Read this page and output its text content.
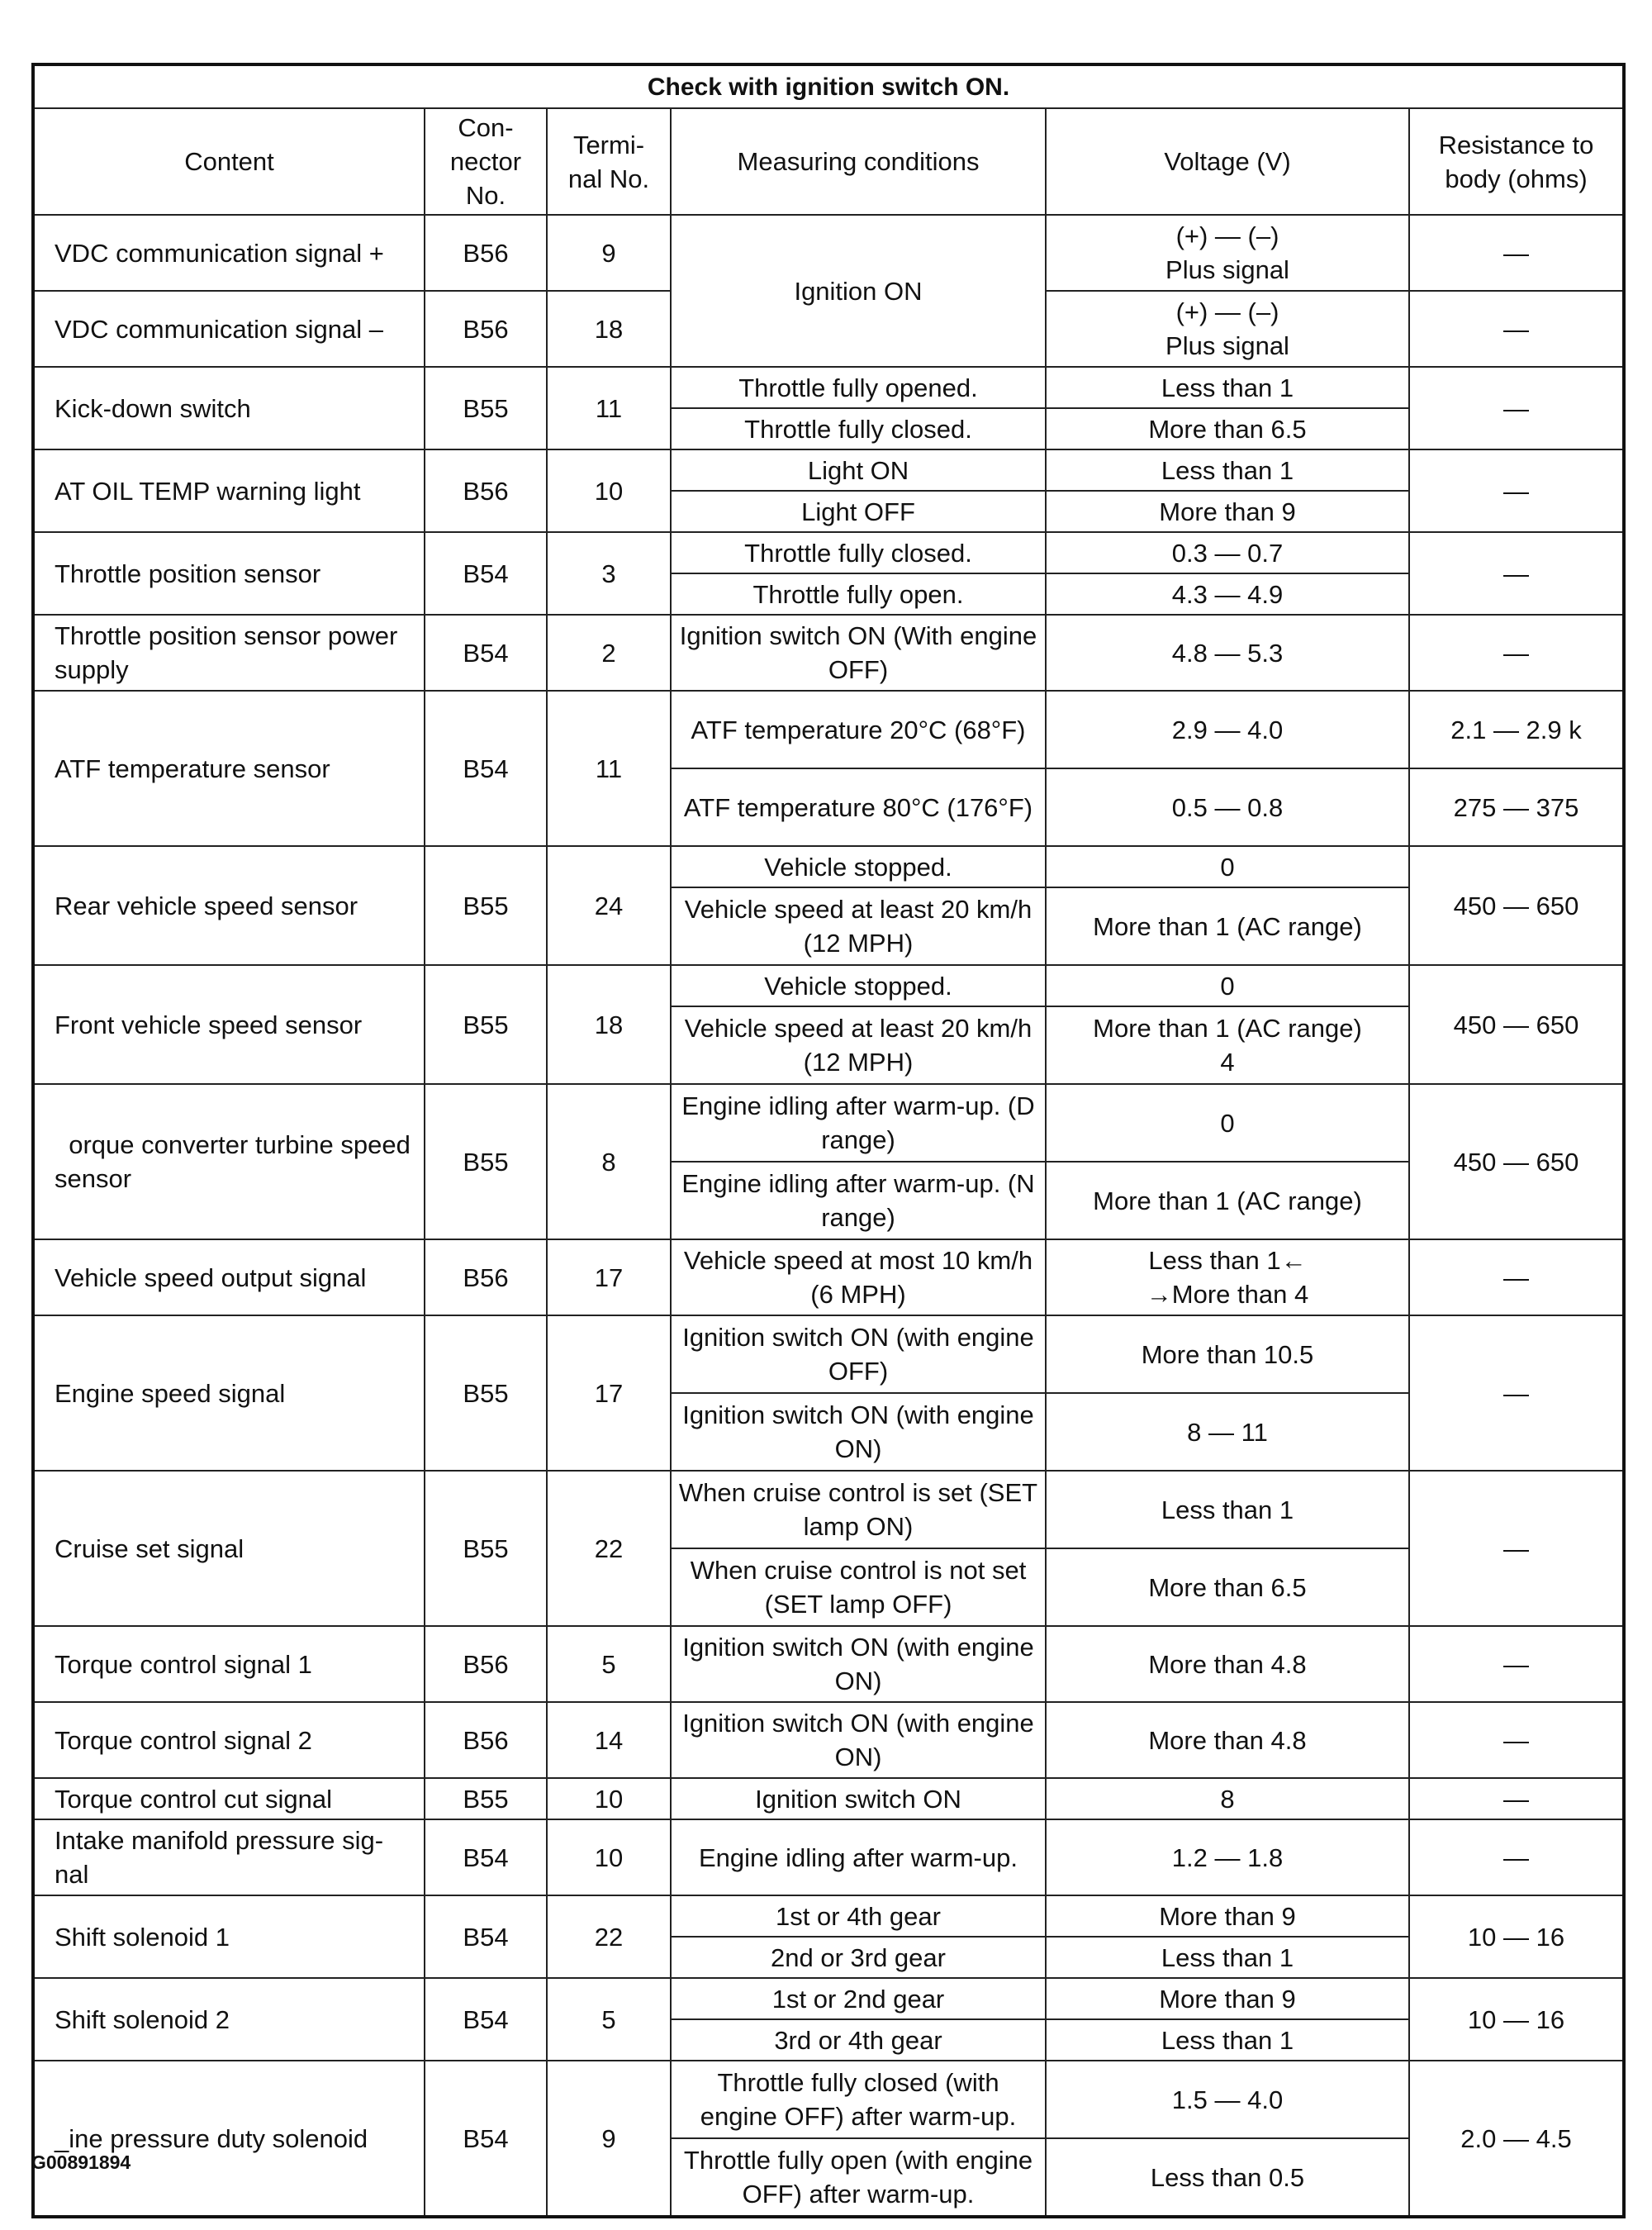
Check with ignition switch ON.					
Content	Con-
nector
No.	Termi-
nal No.	Measuring conditions	Voltage (V)	Resistance to
body (ohms)
VDC communication signal +	B56	9	Ignition ON	(+) — (–)
Plus signal	—
VDC communication signal –	B56	18		(+) — (–)
Plus signal	—
Kick-down switch	B55	11	Throttle fully opened.	Less than 1	—
			Throttle fully closed.	More than 6.5	
AT OIL TEMP warning light	B56	10	Light ON	Less than 1	—
			Light OFF	More than 9	
Throttle position sensor	B54	3	Throttle fully closed.	0.3 — 0.7	—
			Throttle fully open.	4.3 — 4.9	
Throttle position sensor power supply	B54	2	Ignition switch ON (With engine OFF)	4.8 — 5.3	—
ATF temperature sensor	B54	11	ATF temperature 20°C (68°F)	2.9 — 4.0	2.1 — 2.9 k
			ATF temperature 80°C (176°F)	0.5 — 0.8	275 — 375
Rear vehicle speed sensor	B55	24	Vehicle stopped.	0	450 — 650
			Vehicle speed at least 20 km/h (12 MPH)	More than 1 (AC range)	
Front vehicle speed sensor	B55	18	Vehicle stopped.	0	450 — 650
			Vehicle speed at least 20 km/h (12 MPH)	More than 1 (AC range)
4	
orque converter turbine speed sensor	B55	8	Engine idling after warm-up. (D range)	0	450 — 650
			Engine idling after warm-up. (N range)	More than 1 (AC range)	
Vehicle speed output signal	B56	17	Vehicle speed at most 10 km/h (6 MPH)	Less than 1←
→More than 4	—
Engine speed signal	B55	17	Ignition switch ON (with engine OFF)	More than 10.5	—
			Ignition switch ON (with engine ON)	8 — 11	
Cruise set signal	B55	22	When cruise control is set (SET lamp ON)	Less than 1	—
			When cruise control is not set (SET lamp OFF)	More than 6.5	
Torque control signal 1	B56	5	Ignition switch ON (with engine ON)	More than 4.8	—
Torque control signal 2	B56	14	Ignition switch ON (with engine ON)	More than 4.8	—
Torque control cut signal	B55	10	Ignition switch ON	8	—
Intake manifold pressure sig-
nal	B54	10	Engine idling after warm-up.	1.2 — 1.8	—
Shift solenoid 1	B54	22	1st or 4th gear	More than 9	10 — 16
			2nd or 3rd gear	Less than 1	
Shift solenoid 2	B54	5	1st or 2nd gear	More than 9	10 — 16
			3rd or 4th gear	Less than 1	
_ine pressure duty solenoid	B54	9	Throttle fully closed (with engine OFF) after warm-up.	1.5 — 4.0	2.0 — 4.5
			Throttle fully open (with engine OFF) after warm-up.	Less than 0.5	
G00891894
